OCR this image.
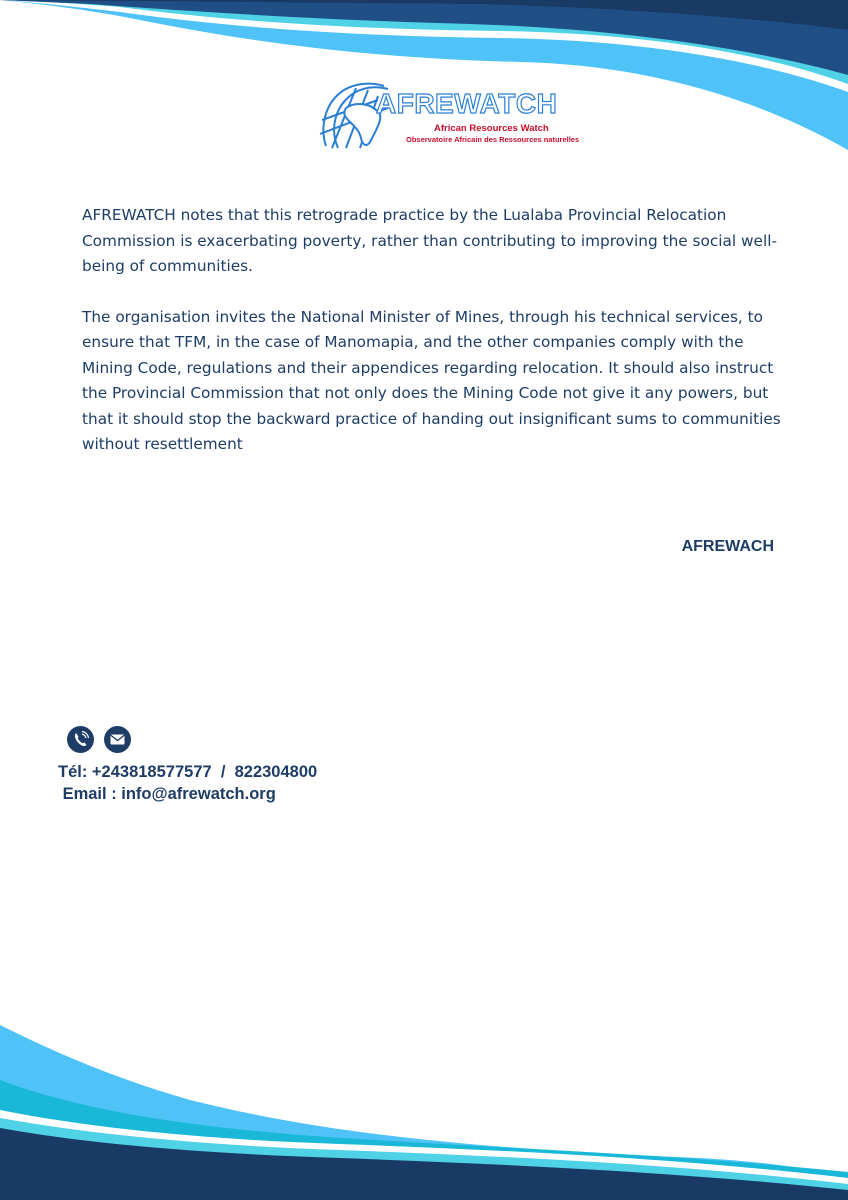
AFREWATCH
African Resources Watch
Observatoire Africain des Ressources naturelles

AFREWATCH notes that this retrograde practice by the Lualaba Provincial Relocation Commission is exacerbating poverty, rather than contributing to improving the social well-being of communities.

The organisation invites the National Minister of Mines, through his technical services, to ensure that TFM, in the case of Manomapia, and the other companies comply with the Mining Code, regulations and their appendices regarding relocation. It should also instruct the Provincial Commission that not only does the Mining Code not give it any powers, but that it should stop the backward practice of handing out insignificant sums to communities without resettlement

AFREWACH
Tél: +243818577577  /  822304800
Email : info@afrewatch.org
